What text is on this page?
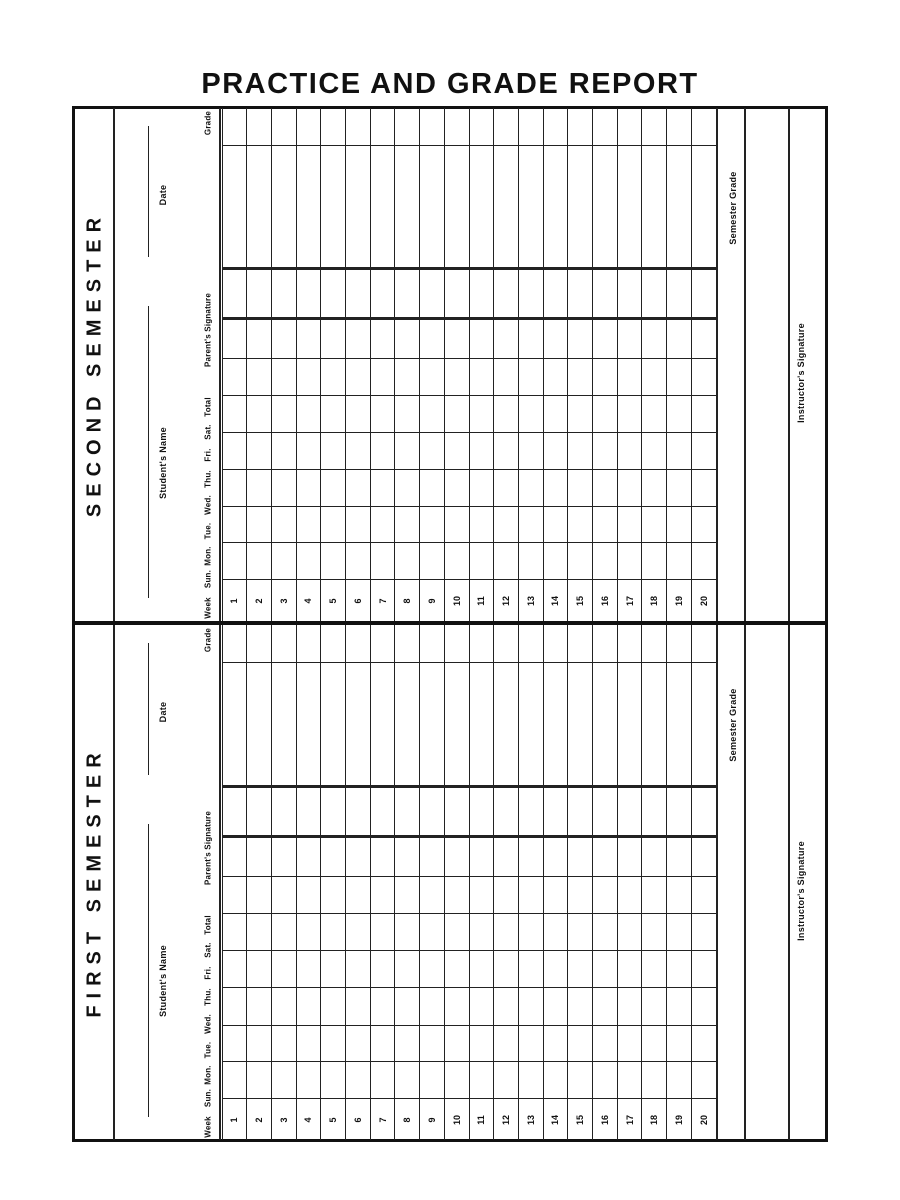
PRACTICE AND GRADE REPORT
SECOND SEMESTER
Date
Student's Name
Week
Sun.
Mon.
Tue.
Wed.
Thu.
Fri.
Sat.
Total
Parent's Signature
Grade
1 2 3 4 5 6 7 8 9 10 11 12 13 14 15 16 17 18 19 20
Semester Grade
Instructor's Signature
FIRST SEMESTER
Date
Student's Name
Week
Sun.
Mon.
Tue.
Wed.
Thu.
Fri.
Sat.
Total
Parent's Signature
Grade
1 2 3 4 5 6 7 8 9 10 11 12 13 14 15 16 17 18 19 20
Semester Grade
Instructor's Signature
